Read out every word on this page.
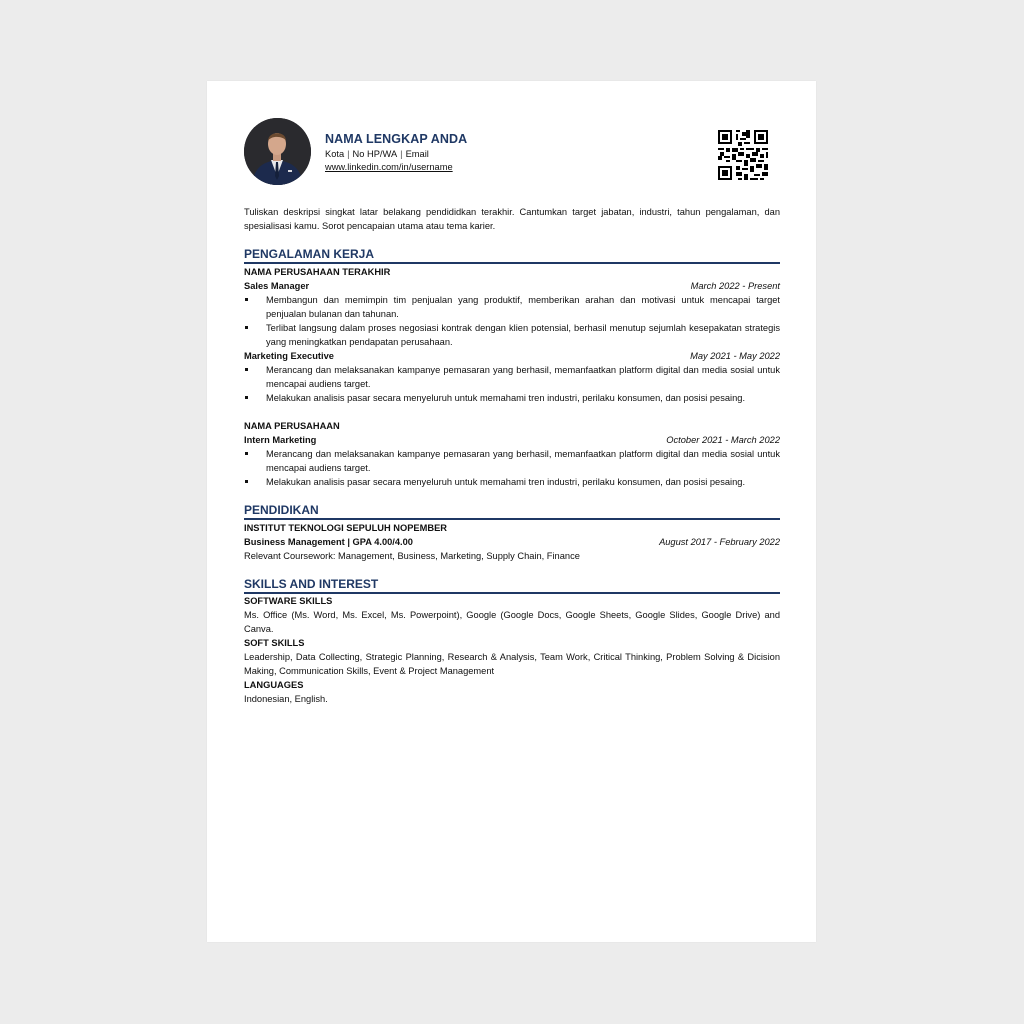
NAMA LENGKAP ANDA
Kota | No HP/WA | Email
www.linkedin.com/in/username
Tuliskan deskripsi singkat latar belakang pendididkan terakhir. Cantumkan target jabatan, industri, tahun pengalaman, dan spesialisasi kamu. Sorot pencapaian utama atau tema karier.
PENGALAMAN KERJA
NAMA PERUSAHAAN TERAKHIR
Sales Manager	March 2022 - Present
Membangun dan memimpin tim penjualan yang produktif, memberikan arahan dan motivasi untuk mencapai target penjualan bulanan dan tahunan.
Terlibat langsung dalam proses negosiasi kontrak dengan klien potensial, berhasil menutup sejumlah kesepakatan strategis yang meningkatkan pendapatan perusahaan.
Marketing Executive	May 2021 - May 2022
Merancang dan melaksanakan kampanye pemasaran yang berhasil, memanfaatkan platform digital dan media sosial untuk mencapai audiens target.
Melakukan analisis pasar secara menyeluruh untuk memahami tren industri, perilaku konsumen, dan posisi pesaing.
NAMA PERUSAHAAN
Intern Marketing	October 2021 - March 2022
Merancang dan melaksanakan kampanye pemasaran yang berhasil, memanfaatkan platform digital dan media sosial untuk mencapai audiens target.
Melakukan analisis pasar secara menyeluruh untuk memahami tren industri, perilaku konsumen, dan posisi pesaing.
PENDIDIKAN
INSTITUT TEKNOLOGI SEPULUH NOPEMBER
Business Management | GPA 4.00/4.00	August 2017 - February 2022
Relevant Coursework: Management, Business, Marketing, Supply Chain, Finance
SKILLS AND INTEREST
SOFTWARE SKILLS
Ms. Office (Ms. Word, Ms. Excel, Ms. Powerpoint), Google (Google Docs, Google Sheets, Google Slides, Google Drive) and Canva.
SOFT SKILLS
Leadership, Data Collecting, Strategic Planning, Research & Analysis, Team Work, Critical Thinking, Problem Solving & Dicision Making, Communication Skills, Event & Project Management
LANGUAGES
Indonesian, English.
